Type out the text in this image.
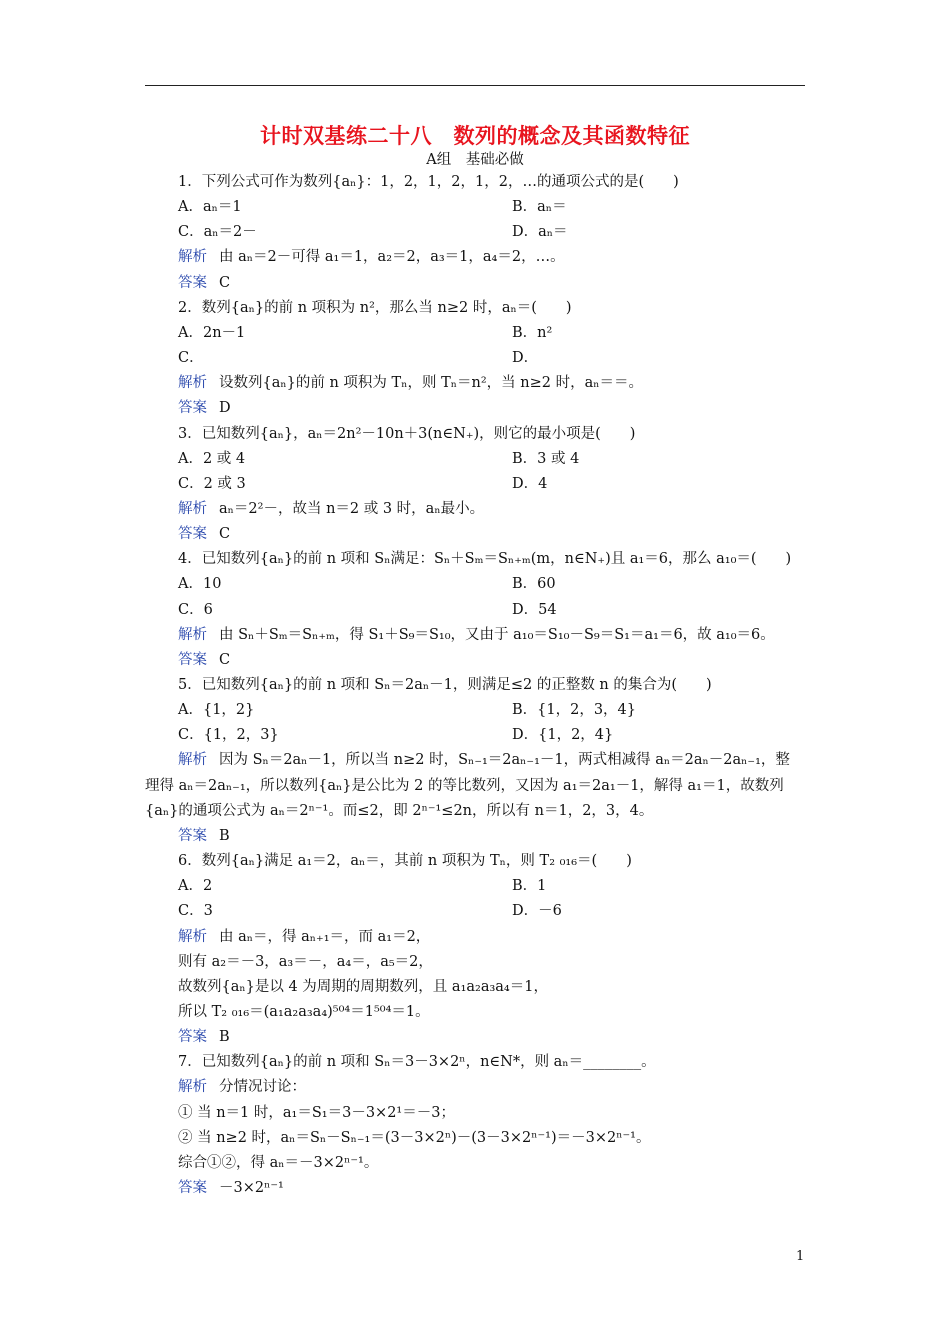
计时双基练二十八　数列的概念及其函数特征
A组　基础必做
1．下列公式可作为数列{aₙ}：1，2，1，2，1，2，…的通项公式的是(　　)
A．aₙ＝1	B．aₙ＝
C．aₙ＝2－	D．aₙ＝
解析 由 aₙ＝2－可得 a₁＝1，a₂＝2，a₃＝1，a₄＝2，…。
答案 C
2．数列{aₙ}的前 n 项积为 n²，那么当 n≥2 时，aₙ＝(　　)
A．2n－1	B．n²
C．	D．
解析 设数列{aₙ}的前 n 项积为 Tₙ，则 Tₙ＝n²，当 n≥2 时，aₙ＝＝。
答案 D
3．已知数列{aₙ}，aₙ＝2n²－10n＋3(n∈N₊)，则它的最小项是(　　)
A．2 或 4	B．3 或 4
C．2 或 3	D．4
解析 aₙ＝2²－，故当 n＝2 或 3 时，aₙ最小。
答案 C
4．已知数列{aₙ}的前 n 项和 Sₙ满足：Sₙ＋Sₘ＝Sₙ₊ₘ(m，n∈N₊)且 a₁＝6，那么 a₁₀＝(　　)
A．10	B．60
C．6	D．54
解析 由 Sₙ＋Sₘ＝Sₙ₊ₘ，得 S₁＋S₉＝S₁₀，又由于 a₁₀＝S₁₀－S₉＝S₁＝a₁＝6，故 a₁₀＝6。
答案 C
5．已知数列{aₙ}的前 n 项和 Sₙ＝2aₙ－1，则满足≤2 的正整数 n 的集合为(　　)
A．{1，2}	B．{1，2，3，4}
C．{1，2，3}	D．{1，2，4}
解析 因为 Sₙ＝2aₙ－1，所以当 n≥2 时，Sₙ₋₁＝2aₙ₋₁－1，两式相减得 aₙ＝2aₙ－2aₙ₋₁，整
理得 aₙ＝2aₙ₋₁，所以数列{aₙ}是公比为 2 的等比数列，又因为 a₁＝2a₁－1，解得 a₁＝1，故数列
{aₙ}的通项公式为 aₙ＝2ⁿ⁻¹。而≤2，即 2ⁿ⁻¹≤2n，所以有 n＝1，2，3，4。
答案 B
6．数列{aₙ}满足 a₁＝2，aₙ＝，其前 n 项积为 Tₙ，则 T₂ ₀₁₆＝(　　)
A．2	B．1
C．3	D．－6
解析 由 aₙ＝，得 aₙ₊₁＝，而 a₁＝2，
则有 a₂＝－3，a₃＝－，a₄＝，a₅＝2，
故数列{aₙ}是以 4 为周期的周期数列，且 a₁a₂a₃a₄＝1，
所以 T₂ ₀₁₆＝(a₁a₂a₃a₄)⁵⁰⁴＝1⁵⁰⁴＝1。
答案 B
7．已知数列{aₙ}的前 n 项和 Sₙ＝3－3×2ⁿ，n∈N*，则 aₙ＝________。
解析 分情况讨论：
① 当 n＝1 时，a₁＝S₁＝3－3×2¹＝－3；
② 当 n≥2 时，aₙ＝Sₙ－Sₙ₋₁＝(3－3×2ⁿ)－(3－3×2ⁿ⁻¹)＝－3×2ⁿ⁻¹。
综合①②，得 aₙ＝－3×2ⁿ⁻¹。
答案 －3×2ⁿ⁻¹
1
